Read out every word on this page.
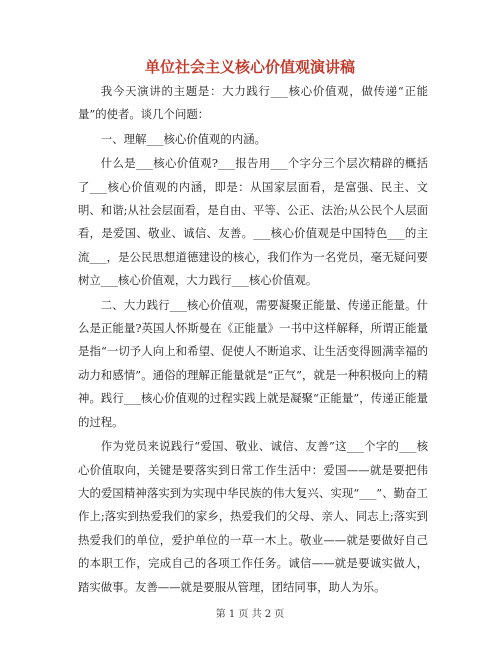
单位社会主义核心价值观演讲稿

我今天演讲的主题是：大力践行___核心价值观，做传递“正能量”的使者。谈几个问题：

一、理解___核心价值观的内涵。

什么是___核心价值观?___报告用___个字分三个层次精辟的概括了___核心价值观的内涵，即是：从国家层面看，是富强、民主、文明、和谐;从社会层面看，是自由、平等、公正、法治;从公民个人层面看，是爱国、敬业、诚信、友善。___核心价值观是中国特色___的主流___，是公民思想道德建设的核心，我们作为一名党员，毫无疑问要树立___核心价值观，大力践行___核心价值观。

二、大力践行___核心价值观，需要凝聚正能量、传递正能量。什么是正能量?英国人怀斯曼在《正能量》一书中这样解释，所谓正能量是指“一切予人向上和希望、促使人不断追求、让生活变得圆满幸福的动力和感情”。通俗的理解正能量就是“正气”，就是一种积极向上的精神。践行___核心价值观的过程实践上就是凝聚“正能量”，传递正能量的过程。

作为党员来说践行“爱国、敬业、诚信、友善”这___个字的___核心价值取向，关键是要落实到日常工作生活中：爱国——就是要把伟大的爱国精神落实到为实现中华民族的伟大复兴、实现“___”、勤奋工作上;落实到热爱我们的家乡，热爱我们的父母、亲人、同志上;落实到热爱我们的单位，爱护单位的一草一木上。敬业——就是要做好自己的本职工作，完成自己的各项工作任务。诚信——就是要诚实做人，踏实做事。友善——就是要服从管理，团结同事，助人为乐。

第 1 页 共 2 页
